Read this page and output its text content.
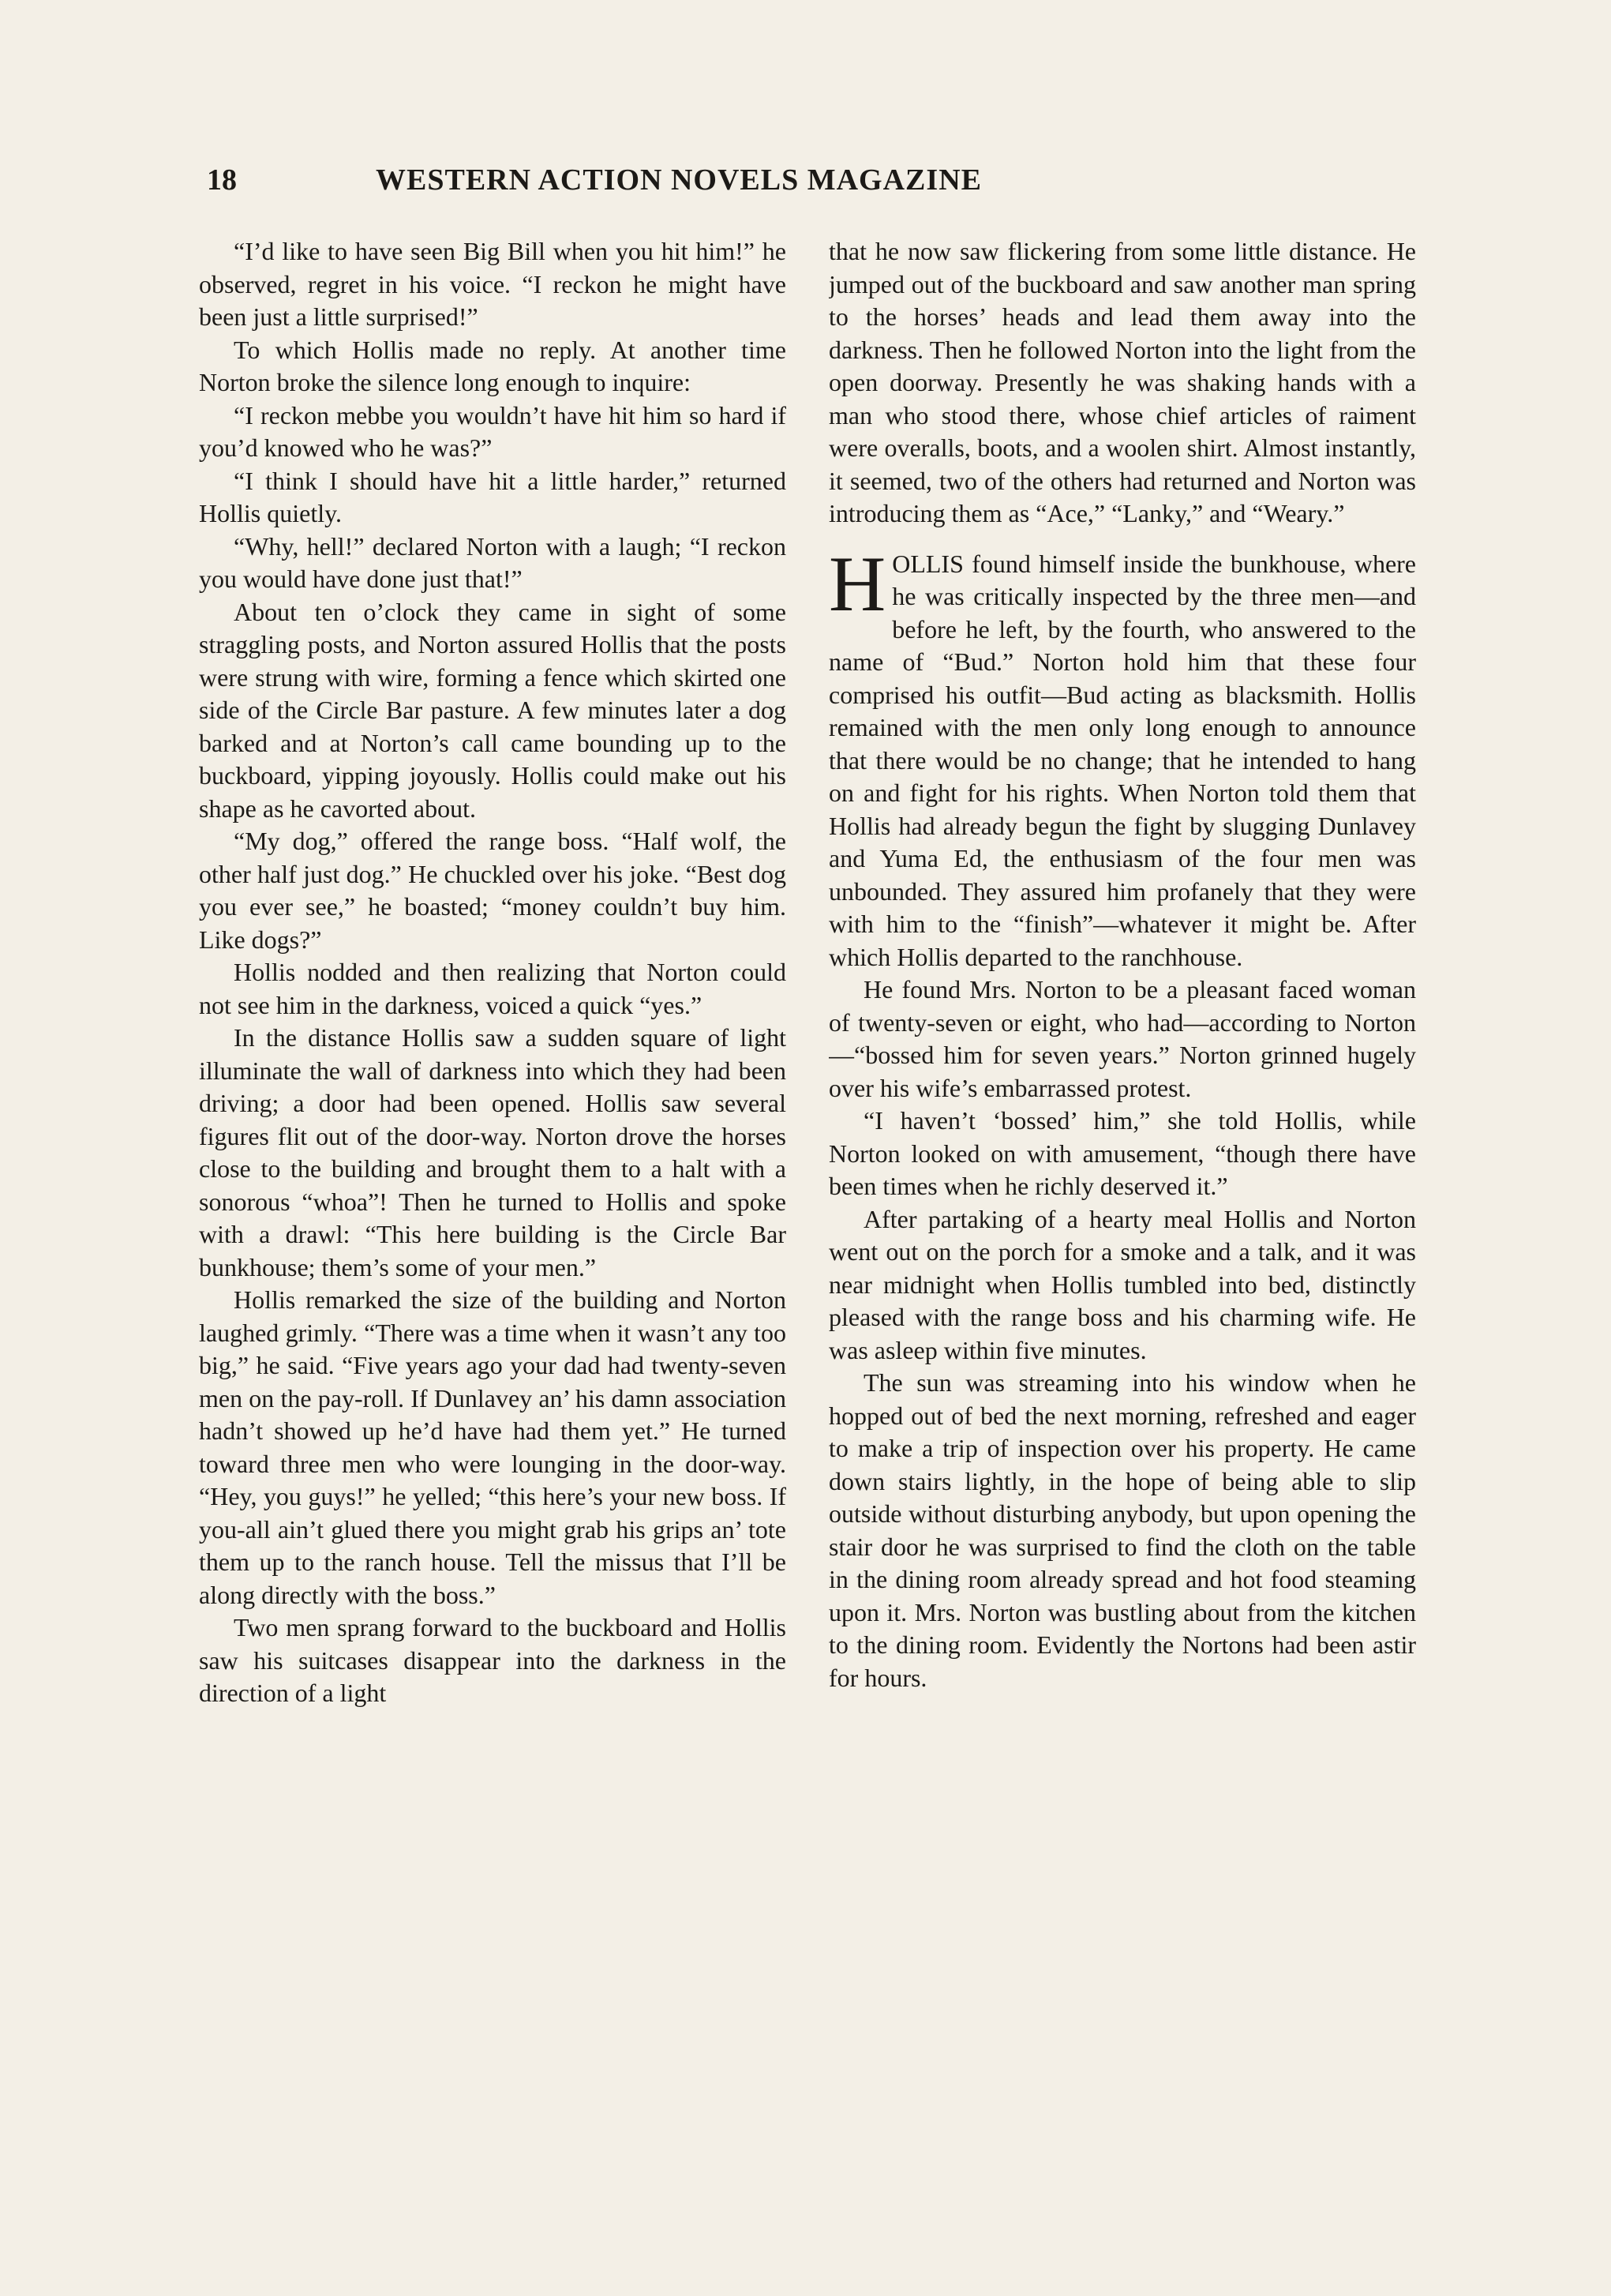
18	WESTERN ACTION NOVELS MAGAZINE

“I’d like to have seen Big Bill when you hit him!” he observed, regret in his voice. “I reckon he might have been just a little surprised!”

To which Hollis made no reply. At another time Norton broke the silence long enough to inquire:

“I reckon mebbe you wouldn’t have hit him so hard if you’d knowed who he was?”

“I think I should have hit a little harder,” returned Hollis quietly.

“Why, hell!” declared Norton with a laugh; “I reckon you would have done just that!”

About ten o’clock they came in sight of some straggling posts, and Norton assured Hollis that the posts were strung with wire, forming a fence which skirted one side of the Circle Bar pasture. A few minutes later a dog barked and at Norton’s call came bounding up to the buckboard, yipping joyously. Hollis could make out his shape as he cavorted about.

“My dog,” offered the range boss. “Half wolf, the other half just dog.” He chuckled over his joke. “Best dog you ever see,” he boasted; “money couldn’t buy him. Like dogs?”

Hollis nodded and then realizing that Norton could not see him in the darkness, voiced a quick “yes.”

In the distance Hollis saw a sudden square of light illuminate the wall of darkness into which they had been driving; a door had been opened. Hollis saw several figures flit out of the door-way. Norton drove the horses close to the building and brought them to a halt with a sonorous “whoa”! Then he turned to Hollis and spoke with a drawl: “This here building is the Circle Bar bunkhouse; them’s some of your men.”

Hollis remarked the size of the building and Norton laughed grimly. “There was a time when it wasn’t any too big,” he said. “Five years ago your dad had twenty-seven men on the pay-roll. If Dunlavey an’ his damn association hadn’t showed up he’d have had them yet.” He turned toward three men who were lounging in the door-way. “Hey, you guys!” he yelled; “this here’s your new boss. If you-all ain’t glued there you might grab his grips an’ tote them up to the ranch house. Tell the missus that I’ll be along directly with the boss.”

Two men sprang forward to the buckboard and Hollis saw his suitcases disappear into the darkness in the direction of a light

that he now saw flickering from some little distance. He jumped out of the buckboard and saw another man spring to the horses’ heads and lead them away into the darkness. Then he followed Norton into the light from the open doorway. Presently he was shaking hands with a man who stood there, whose chief articles of raiment were overalls, boots, and a woolen shirt. Almost instantly, it seemed, two of the others had returned and Norton was introducing them as “Ace,” “Lanky,” and “Weary.”

HOLLIS found himself inside the bunkhouse, where he was critically inspected by the three men—and before he left, by the fourth, who answered to the name of “Bud.” Norton hold him that these four comprised his outfit—Bud acting as blacksmith. Hollis remained with the men only long enough to announce that there would be no change; that he intended to hang on and fight for his rights. When Norton told them that Hollis had already begun the fight by slugging Dunlavey and Yuma Ed, the enthusiasm of the four men was unbounded. They assured him profanely that they were with him to the “finish”—whatever it might be. After which Hollis departed to the ranchhouse.

He found Mrs. Norton to be a pleasant faced woman of twenty-seven or eight, who had—according to Norton—“bossed him for seven years.” Norton grinned hugely over his wife’s embarrassed protest.

“I haven’t ‘bossed’ him,” she told Hollis, while Norton looked on with amusement, “though there have been times when he richly deserved it.”

After partaking of a hearty meal Hollis and Norton went out on the porch for a smoke and a talk, and it was near midnight when Hollis tumbled into bed, distinctly pleased with the range boss and his charming wife. He was asleep within five minutes.

The sun was streaming into his window when he hopped out of bed the next morning, refreshed and eager to make a trip of inspection over his property. He came down stairs lightly, in the hope of being able to slip outside without disturbing anybody, but upon opening the stair door he was surprised to find the cloth on the table in the dining room already spread and hot food steaming upon it. Mrs. Norton was bustling about from the kitchen to the dining room. Evidently the Nortons had been astir for hours.
